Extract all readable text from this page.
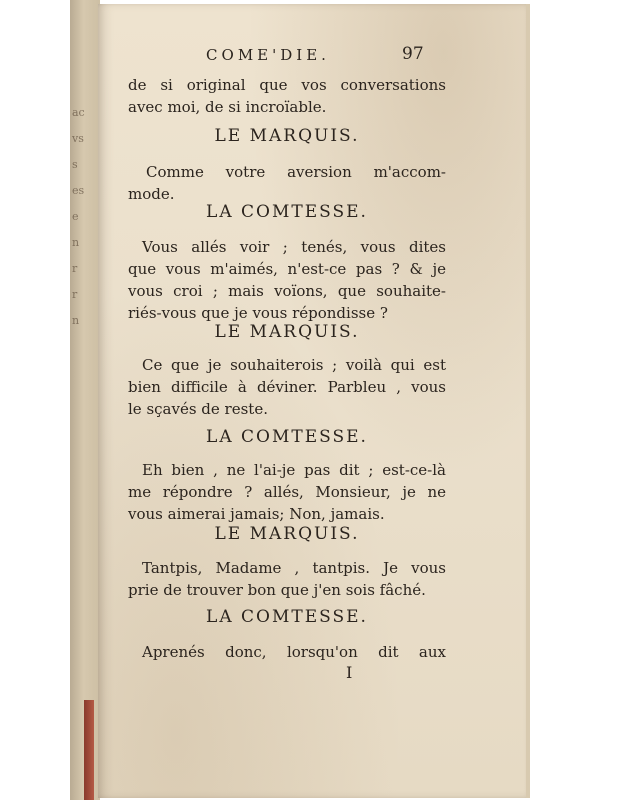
ac
vs
s
es
e
n
r
r
n
COME'DIE.	97
de si original que vos conversations
avec moi, de si incroïable.
LE MARQUIS.
Comme votre aversion m'accom-
mode.
LA COMTESSE.
Vous allés voir ; tenés, vous dites
que vous m'aimés, n'est-ce pas ? & je
vous croi ; mais voïons, que souhaite-
riés-vous que je vous répondisse ?
LE MARQUIS.
Ce que je souhaiterois ; voilà qui est
bien difficile à déviner. Parbleu , vous
le sçavés de reste.
LA COMTESSE.
Eh bien , ne l'ai-je pas dit ; est-ce-là
me répondre ? allés, Monsieur, je ne
vous aimerai jamais; Non, jamais.
LE MARQUIS.
Tantpis, Madame , tantpis. Je vous
prie de trouver bon que j'en sois fâché.
LA COMTESSE.
Aprenés donc, lorsqu'on dit aux
I
